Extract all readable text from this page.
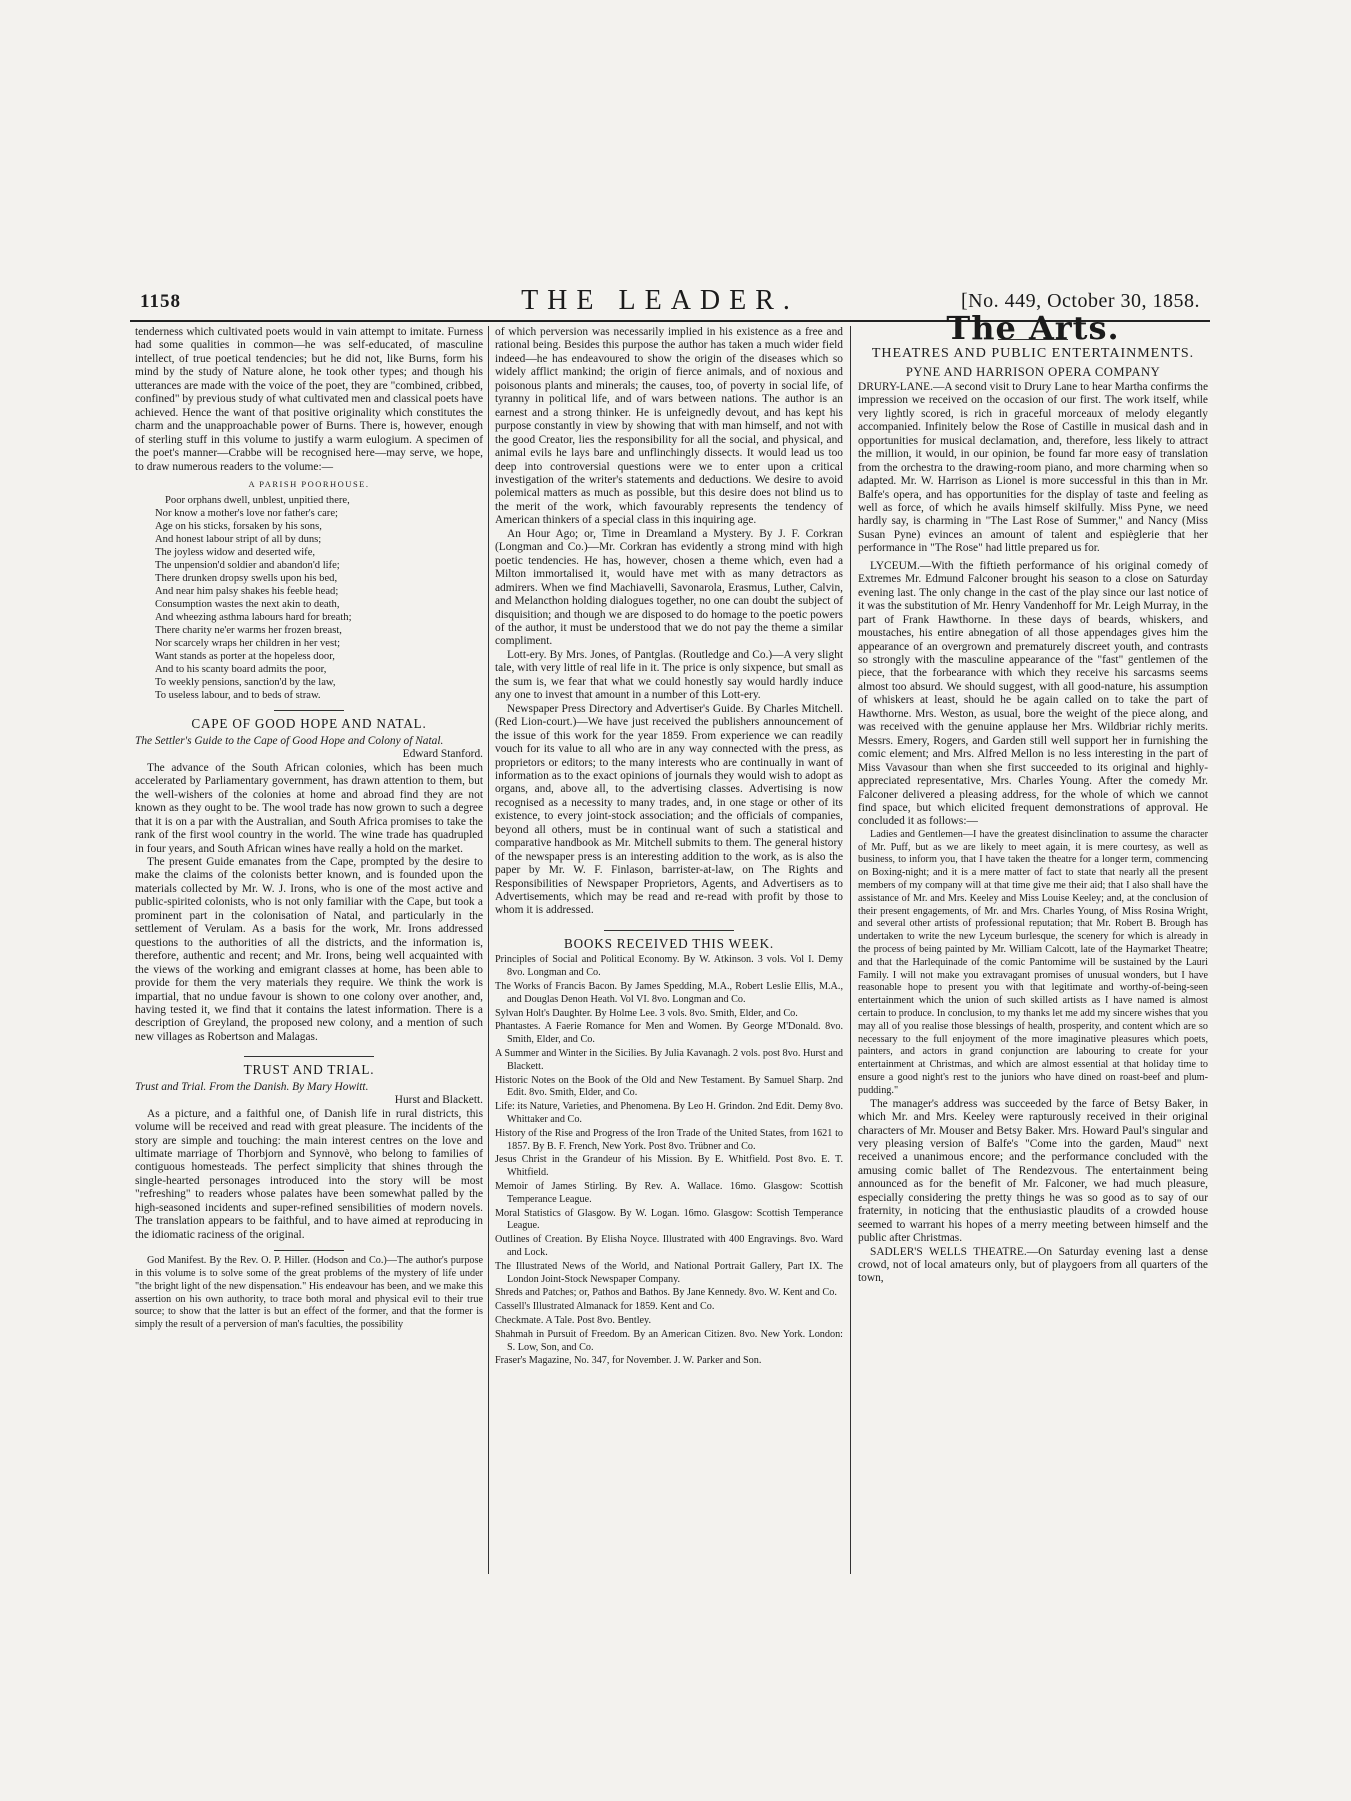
1158	THE LEADER.	[No. 449, October 30, 1858.

tenderness which cultivated poets would in vain attempt to imitate. Furness had some qualities in common—he was self-educated, of masculine intellect, of true poetical tendencies; but he did not, like Burns, form his mind by the study of Nature alone, he took other types; and though his utterances are made with the voice of the poet, they are "combined, cribbed, confined" by previous study of what cultivated men and classical poets have achieved. Hence the want of that positive originality which constitutes the charm and the unapproachable power of Burns. There is, however, enough of sterling stuff in this volume to justify a warm eulogium. A specimen of the poet's manner—Crabbe will be recognised here—may serve, we hope, to draw numerous readers to the volume:—

A PARISH POORHOUSE.
Poor orphans dwell, unblest, unpitied there,
Nor know a mother's love nor father's care;
Age on his sticks, forsaken by his sons,
And honest labour stript of all by duns;
The joyless widow and deserted wife,
The unpension'd soldier and abandon'd life;
There drunken dropsy swells upon his bed,
And near him palsy shakes his feeble head;
Consumption wastes the next akin to death,
And wheezing asthma labours hard for breath;
There charity ne'er warms her frozen breast,
Nor scarcely wraps her children in her vest;
Want stands as porter at the hopeless door,
And to his scanty board admits the poor,
To weekly pensions, sanction'd by the law,
To useless labour, and to beds of straw.
CAPE OF GOOD HOPE AND NATAL.
The Settler's Guide to the Cape of Good Hope and Colony of Natal.
Edward Stanford.

The advance of the South African colonies, which has been much accelerated by Parliamentary government, has drawn attention to them, but the well-wishers of the colonies at home and abroad find they are not known as they ought to be. The wool trade has now grown to such a degree that it is on a par with the Australian, and South Africa promises to take the rank of the first wool country in the world. The wine trade has quadrupled in four years, and South African wines have really a hold on the market.

The present Guide emanates from the Cape, prompted by the desire to make the claims of the colonists better known, and is founded upon the materials collected by Mr. W. J. Irons, who is one of the most active and public-spirited colonists, who is not only familiar with the Cape, but took a prominent part in the colonisation of Natal, and particularly in the settlement of Verulam. As a basis for the work, Mr. Irons addressed questions to the authorities of all the districts, and the information is, therefore, authentic and recent; and Mr. Irons, being well acquainted with the views of the working and emigrant classes at home, has been able to provide for them the very materials they require. We think the work is impartial, that no undue favour is shown to one colony over another, and, having tested it, we find that it contains the latest information. There is a description of Greyland, the proposed new colony, and a mention of such new villages as Robertson and Malagas.

TRUST AND TRIAL.
Trust and Trial. From the Danish. By Mary Howitt.
Hurst and Blackett.

As a picture, and a faithful one, of Danish life in rural districts, this volume will be received and read with great pleasure. The incidents of the story are simple and touching: the main interest centres on the love and ultimate marriage of Thorbjorn and Synnovè, who belong to families of contiguous homesteads. The perfect simplicity that shines through the single-hearted personages introduced into the story will be most "refreshing" to readers whose palates have been somewhat palled by the high-seasoned incidents and super-refined sensibilities of modern novels. The translation appears to be faithful, and to have aimed at reproducing in the idiomatic raciness of the original.

God Manifest. By the Rev. O. P. Hiller. (Hodson and Co.)—The author's purpose in this volume is to solve some of the great problems of the mystery of life under "the bright light of the new dispensation." His endeavour has been, and we make this assertion on his own authority, to trace both moral and physical evil to their true source; to show that the latter is but an effect of the former, and that the former is simply the result of a perversion of man's faculties, the possibility

of which perversion was necessarily implied in his existence as a free and rational being. Besides this purpose the author has taken a much wider field indeed—he has endeavoured to show the origin of the diseases which so widely afflict mankind; the origin of fierce animals, and of noxious and poisonous plants and minerals; the causes, too, of poverty in social life, of tyranny in political life, and of wars between nations. The author is an earnest and a strong thinker. He is unfeignedly devout, and has kept his purpose constantly in view by showing that with man himself, and not with the good Creator, lies the responsibility for all the social, and physical, and animal evils he lays bare and unflinchingly dissects. It would lead us too deep into controversial questions were we to enter upon a critical investigation of the writer's statements and deductions. We desire to avoid polemical matters as much as possible, but this desire does not blind us to the merit of the work, which favourably represents the tendency of American thinkers of a special class in this inquiring age.

An Hour Ago; or, Time in Dreamland a Mystery. By J. F. Corkran (Longman and Co.)—Mr. Corkran has evidently a strong mind with high poetic tendencies. He has, however, chosen a theme which, even had a Milton immortalised it, would have met with as many detractors as admirers. When we find Machiavelli, Savonarola, Erasmus, Luther, Calvin, and Melancthon holding dialogues together, no one can doubt the subject of disquisition; and though we are disposed to do homage to the poetic powers of the author, it must be understood that we do not pay the theme a similar compliment.

Lott-ery. By Mrs. Jones, of Pantglas. (Routledge and Co.)—A very slight tale, with very little of real life in it. The price is only sixpence, but small as the sum is, we fear that what we could honestly say would hardly induce any one to invest that amount in a number of this Lott-ery.

Newspaper Press Directory and Advertiser's Guide. By Charles Mitchell. (Red Lion-court.)—We have just received the publishers announcement of the issue of this work for the year 1859. From experience we can readily vouch for its value to all who are in any way connected with the press, as proprietors or editors; to the many interests who are continually in want of information as to the exact opinions of journals they would wish to adopt as organs, and, above all, to the advertising classes. Advertising is now recognised as a necessity to many trades, and, in one stage or other of its existence, to every joint-stock association; and the officials of companies, beyond all others, must be in continual want of such a statistical and comparative handbook as Mr. Mitchell submits to them. The general history of the newspaper press is an interesting addition to the work, as is also the paper by Mr. W. F. Finlason, barrister-at-law, on The Rights and Responsibilities of Newspaper Proprietors, Agents, and Advertisers as to Advertisements, which may be read and re-read with profit by those to whom it is addressed.

BOOKS RECEIVED THIS WEEK.

Principles of Social and Political Economy. By W. Atkinson. 3 vols. Vol I. Demy 8vo. Longman and Co.

The Works of Francis Bacon. By James Spedding, M.A., Robert Leslie Ellis, M.A., and Douglas Denon Heath. Vol VI. 8vo. Longman and Co.

Sylvan Holt's Daughter. By Holme Lee. 3 vols. 8vo. Smith, Elder, and Co.

Phantastes. A Faerie Romance for Men and Women. By George M'Donald. 8vo. Smith, Elder, and Co.

A Summer and Winter in the Sicilies. By Julia Kavanagh. 2 vols. post 8vo. Hurst and Blackett.

Historic Notes on the Book of the Old and New Testament. By Samuel Sharp. 2nd Edit. 8vo. Smith, Elder, and Co.

Life: its Nature, Varieties, and Phenomena. By Leo H. Grindon. 2nd Edit. Demy 8vo. Whittaker and Co.

History of the Rise and Progress of the Iron Trade of the United States, from 1621 to 1857. By B. F. French, New York. Post 8vo. Trübner and Co.

Jesus Christ in the Grandeur of his Mission. By E. Whitfield. Post 8vo. E. T. Whitfield.

Memoir of James Stirling. By Rev. A. Wallace. 16mo. Glasgow: Scottish Temperance League.

Moral Statistics of Glasgow. By W. Logan. 16mo. Glasgow: Scottish Temperance League.

Outlines of Creation. By Elisha Noyce. Illustrated with 400 Engravings. 8vo. Ward and Lock.

The Illustrated News of the World, and National Portrait Gallery, Part IX. The London Joint-Stock Newspaper Company.

Shreds and Patches; or, Pathos and Bathos. By Jane Kennedy. 8vo. W. Kent and Co.

Cassell's Illustrated Almanack for 1859. Kent and Co.

Checkmate. A Tale. Post 8vo. Bentley.

Shahmah in Pursuit of Freedom. By an American Citizen. 8vo. New York. London: S. Low, Son, and Co.

Fraser's Magazine, No. 347, for November. J. W. Parker and Son.

The Arts.
THEATRES AND PUBLIC ENTERTAINMENTS.
PYNE AND HARRISON OPERA COMPANY

DRURY-LANE.—A second visit to Drury Lane to hear Martha confirms the impression we received on the occasion of our first. The work itself, while very lightly scored, is rich in graceful morceaux of melody elegantly accompanied. Infinitely below the Rose of Castille in musical dash and in opportunities for musical declamation, and, therefore, less likely to attract the million, it would, in our opinion, be found far more easy of translation from the orchestra to the drawing-room piano, and more charming when so adapted. Mr. W. Harrison as Lionel is more successful in this than in Mr. Balfe's opera, and has opportunities for the display of taste and feeling as well as force, of which he avails himself skilfully. Miss Pyne, we need hardly say, is charming in "The Last Rose of Summer," and Nancy (Miss Susan Pyne) evinces an amount of talent and espièglerie that her performance in "The Rose" had little prepared us for.

LYCEUM.—With the fiftieth performance of his original comedy of Extremes Mr. Edmund Falconer brought his season to a close on Saturday evening last. The only change in the cast of the play since our last notice of it was the substitution of Mr. Henry Vandenhoff for Mr. Leigh Murray, in the part of Frank Hawthorne. In these days of beards, whiskers, and moustaches, his entire abnegation of all those appendages gives him the appearance of an overgrown and prematurely discreet youth, and contrasts so strongly with the masculine appearance of the "fast" gentlemen of the piece, that the forbearance with which they receive his sarcasms seems almost too absurd. We should suggest, with all good-nature, his assumption of whiskers at least, should he be again called on to take the part of Hawthorne. Mrs. Weston, as usual, bore the weight of the piece along, and was received with the genuine applause her Mrs. Wildbriar richly merits. Messrs. Emery, Rogers, and Garden still well support her in furnishing the comic element; and Mrs. Alfred Mellon is no less interesting in the part of Miss Vavasour than when she first succeeded to its original and highly-appreciated representative, Mrs. Charles Young. After the comedy Mr. Falconer delivered a pleasing address, for the whole of which we cannot find space, but which elicited frequent demonstrations of approval. He concluded it as follows:—

Ladies and Gentlemen—I have the greatest disinclination to assume the character of Mr. Puff, but as we are likely to meet again, it is mere courtesy, as well as business, to inform you, that I have taken the theatre for a longer term, commencing on Boxing-night; and it is a mere matter of fact to state that nearly all the present members of my company will at that time give me their aid; that I also shall have the assistance of Mr. and Mrs. Keeley and Miss Louise Keeley; and, at the conclusion of their present engagements, of Mr. and Mrs. Charles Young, of Miss Rosina Wright, and several other artists of professional reputation; that Mr. Robert B. Brough has undertaken to write the new Lyceum burlesque, the scenery for which is already in the process of being painted by Mr. William Calcott, late of the Haymarket Theatre; and that the Harlequinade of the comic Pantomime will be sustained by the Lauri Family. I will not make you extravagant promises of unusual wonders, but I have reasonable hope to present you with that legitimate and worthy-of-being-seen entertainment which the union of such skilled artists as I have named is almost certain to produce. In conclusion, to my thanks let me add my sincere wishes that you may all of you realise those blessings of health, prosperity, and content which are so necessary to the full enjoyment of the more imaginative pleasures which poets, painters, and actors in grand conjunction are labouring to create for your entertainment at Christmas, and which are almost essential at that holiday time to ensure a good night's rest to the juniors who have dined on roast-beef and plum-pudding."

The manager's address was succeeded by the farce of Betsy Baker, in which Mr. and Mrs. Keeley were rapturously received in their original characters of Mr. Mouser and Betsy Baker. Mrs. Howard Paul's singular and very pleasing version of Balfe's "Come into the garden, Maud" next received a unanimous encore; and the performance concluded with the amusing comic ballet of The Rendezvous. The entertainment being announced as for the benefit of Mr. Falconer, we had much pleasure, especially considering the pretty things he was so good as to say of our fraternity, in noticing that the enthusiastic plaudits of a crowded house seemed to warrant his hopes of a merry meeting between himself and the public after Christmas.

SADLER'S WELLS THEATRE.—On Saturday evening last a dense crowd, not of local amateurs only, but of playgoers from all quarters of the town,
